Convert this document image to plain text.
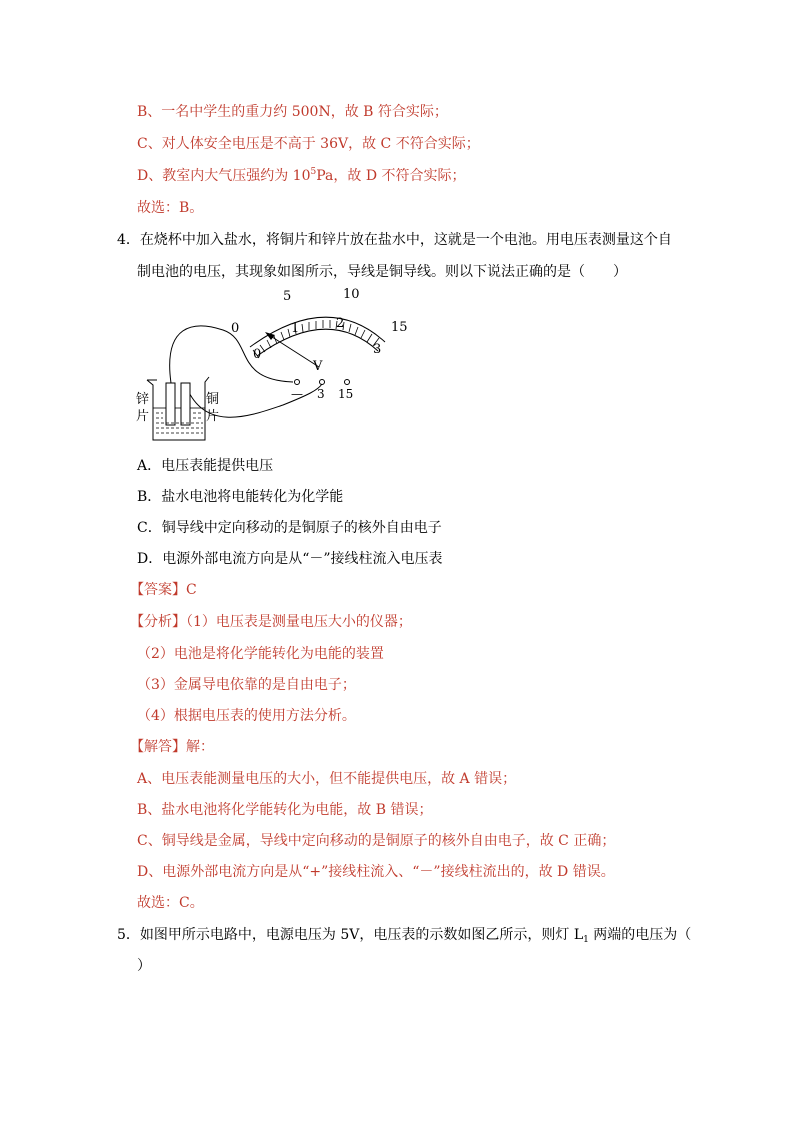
B、一名中学生的重力约 500N，故 B 符合实际；
C、对人体安全电压是不高于 36V，故 C 不符合实际；
D、教室内大气压强约为 $10^5Pa$，故 D 不符合实际；
故选：B。
4．在烧杯中加入盐水，将铜片和锌片放在盐水中，这就是一个电池。用电压表测量这个自
制电池的电压，其现象如图所示，导线是铜导线。则以下说法正确的是（　　）
0
5	10
15
0
1	2
3
V
— 3 15
锌
片
铜
片
A．电压表能提供电压
B．盐水电池将电能转化为化学能
C．铜导线中定向移动的是铜原子的核外自由电子
D．电源外部电流方向是从“－”接线柱流入电压表
【答案】C
【分析】（1）电压表是测量电压大小的仪器；
（2）电池是将化学能转化为电能的装置
（3）金属导电依靠的是自由电子；
（4）根据电压表的使用方法分析。
【解答】解：
A、电压表能测量电压的大小，但不能提供电压，故 A 错误；
B、盐水电池将化学能转化为电能，故 B 错误；
C、铜导线是金属，导线中定向移动的是铜原子的核外自由电子，故 C 正确；
D、电源外部电流方向是从“+”接线柱流入、“－”接线柱流出的，故 D 错误。
故选：C。
5．如图甲所示电路中，电源电压为 5V，电压表的示数如图乙所示，则灯 $L_1$ 两端的电压为（
）
